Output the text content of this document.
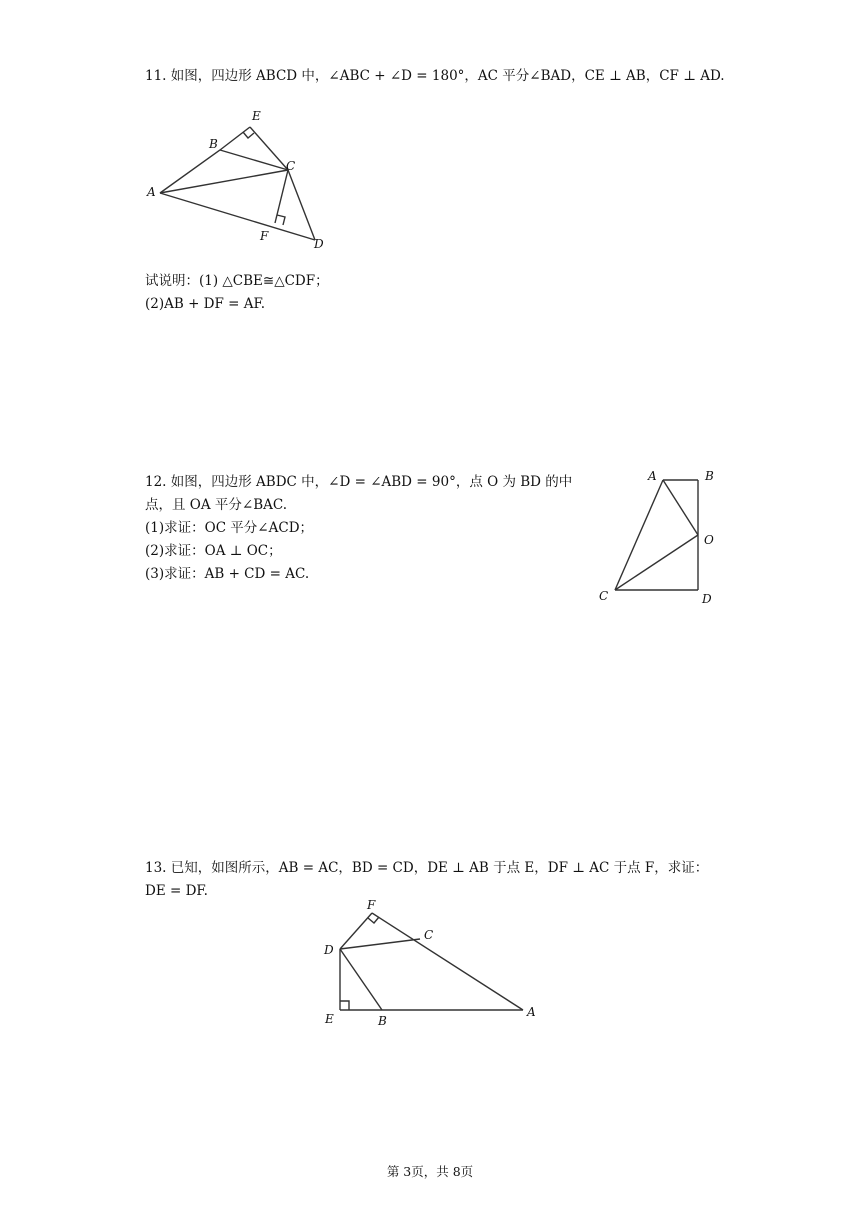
11. 如图，四边形 ABCD 中，∠ABC + ∠D = 180°，AC 平分∠BAD，CE ⊥ AB，CF ⊥ AD.
A
B
E
C
F
D
试说明：(1) △CBE≅△CDF；
(2)AB + DF = AF.
12. 如图，四边形 ABDC 中，∠D = ∠ABD = 90°，点 O 为 BD 的中
点，且 OA 平分∠BAC.
(1)求证：OC 平分∠ACD；
(2)求证：OA ⊥ OC；
(3)求证：AB + CD = AC.
A	B
O
C	D
13. 已知，如图所示，AB = AC，BD = CD，DE ⊥ AB 于点 E，DF ⊥ AC 于点 F，求证：
DE = DF.
F
C
D
E	B
A
第 3页，共 8页
